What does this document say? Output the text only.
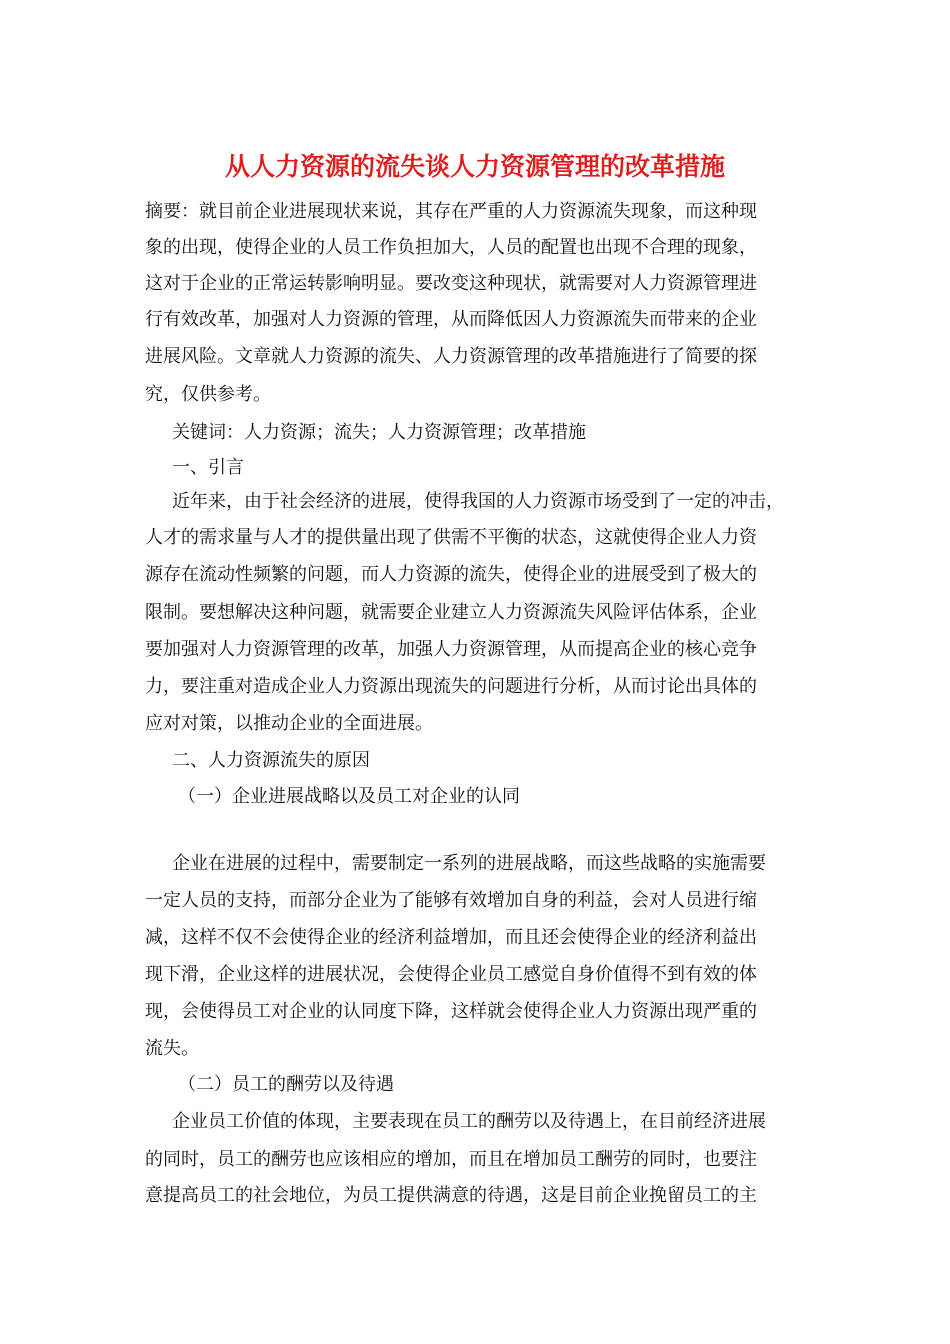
从人力资源的流失谈人力资源管理的改革措施
摘要：就目前企业进展现状来说，其存在严重的人力资源流失现象，而这种现
象的出现，使得企业的人员工作负担加大，人员的配置也出现不合理的现象，
这对于企业的正常运转影响明显。要改变这种现状，就需要对人力资源管理进
行有效改革，加强对人力资源的管理，从而降低因人力资源流失而带来的企业
进展风险。文章就人力资源的流失、人力资源管理的改革措施进行了简要的探
究，仅供参考。
关键词：人力资源；流失；人力资源管理；改革措施
一、引言
近年来，由于社会经济的进展，使得我国的人力资源市场受到了一定的冲击，
人才的需求量与人才的提供量出现了供需不平衡的状态，这就使得企业人力资
源存在流动性频繁的问题，而人力资源的流失，使得企业的进展受到了极大的
限制。要想解决这种问题，就需要企业建立人力资源流失风险评估体系，企业
要加强对人力资源管理的改革，加强人力资源管理，从而提高企业的核心竞争
力，要注重对造成企业人力资源出现流失的问题进行分析，从而讨论出具体的
应对对策，以推动企业的全面进展。
二、人力资源流失的原因
（一）企业进展战略以及员工对企业的认同
企业在进展的过程中，需要制定一系列的进展战略，而这些战略的实施需要
一定人员的支持，而部分企业为了能够有效增加自身的利益，会对人员进行缩
减，这样不仅不会使得企业的经济利益增加，而且还会使得企业的经济利益出
现下滑，企业这样的进展状况，会使得企业员工感觉自身价值得不到有效的体
现，会使得员工对企业的认同度下降，这样就会使得企业人力资源出现严重的
流失。
（二）员工的酬劳以及待遇
企业员工价值的体现，主要表现在员工的酬劳以及待遇上，在目前经济进展
的同时，员工的酬劳也应该相应的增加，而且在增加员工酬劳的同时，也要注
意提高员工的社会地位，为员工提供满意的待遇，这是目前企业挽留员工的主
